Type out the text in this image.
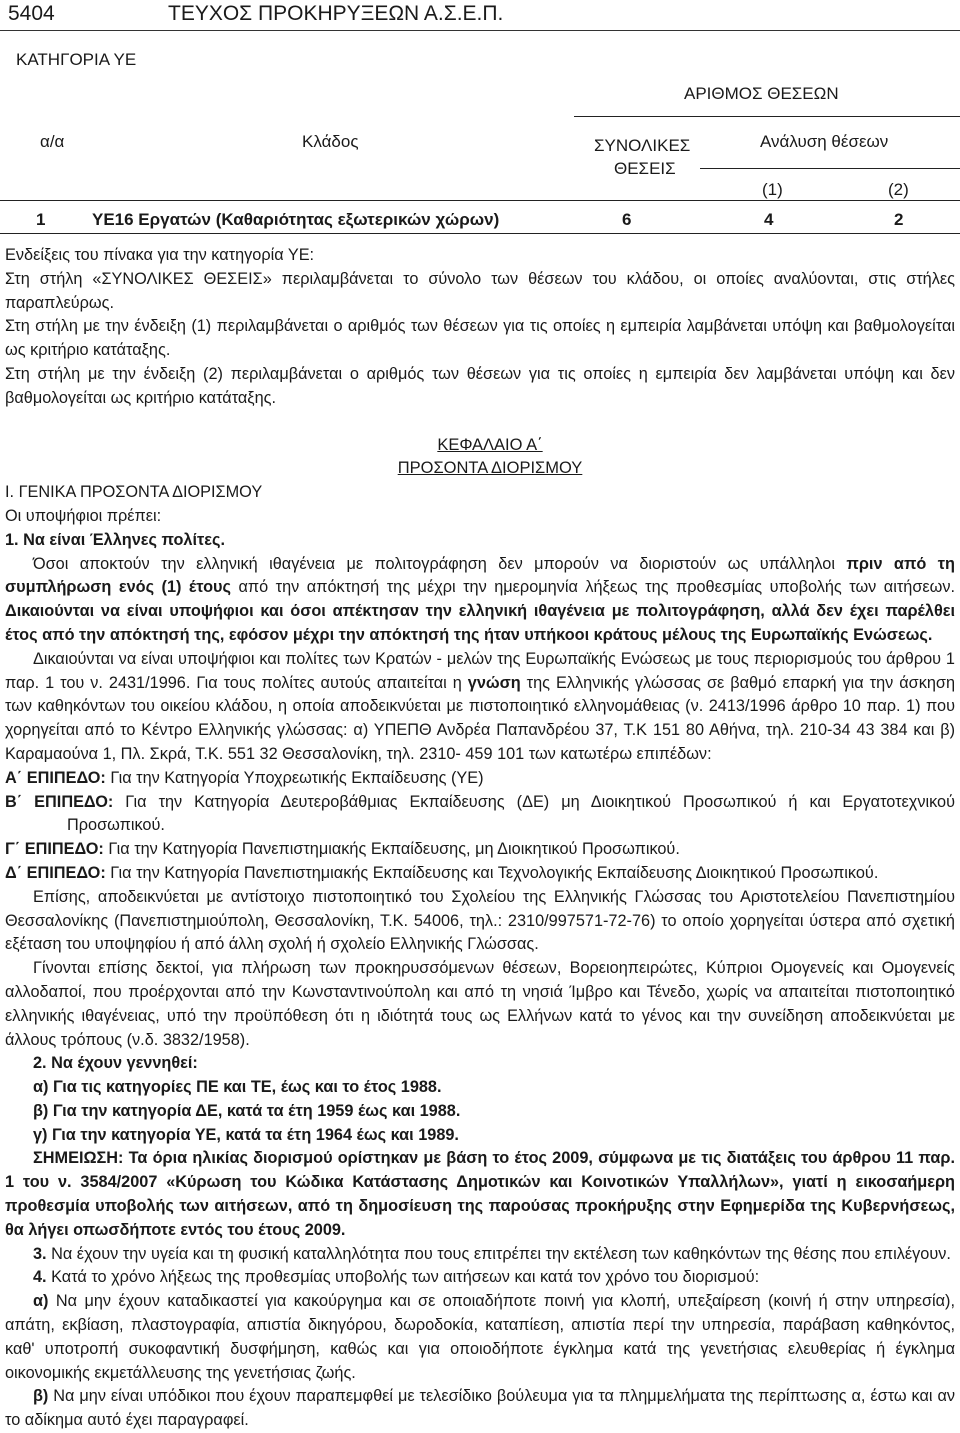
5404	ΤΕΥΧΟΣ ΠΡΟΚΗΡΥΞΕΩΝ Α.Σ.Ε.Π.
ΚΑΤΗΓΟΡΙΑ ΥΕ
ΑΡΙΘΜΟΣ ΘΕΣΕΩΝ
α/α	Κλάδος	ΣΥΝΟΛΙΚΕΣ
ΘΕΣΕΙΣ
Ανάλυση θέσεων
(1)	(2)
1	ΥΕ16 Εργατών (Καθαριότητας εξωτερικών χώρων)	6	4	2

Ενδείξεις του πίνακα για την κατηγορία ΥΕ:

Στη στήλη «ΣΥΝΟΛΙΚΕΣ ΘΕΣΕΙΣ» περιλαμβάνεται το σύνολο των θέσεων του κλάδου, οι οποίες αναλύονται, στις στήλες παραπλεύρως.

Στη στήλη με την ένδειξη (1) περιλαμβάνεται ο αριθμός των θέσεων για τις οποίες η εμπειρία λαμβάνεται υπόψη και βαθμολογείται ως κριτήριο κατάταξης.

Στη στήλη με την ένδειξη (2) περιλαμβάνεται ο αριθμός των θέσεων για τις οποίες η εμπειρία δεν λαμβάνεται υπόψη και δεν βαθμολογείται ως κριτήριο κατάταξης.

ΚΕΦΑΛΑΙΟ Α΄

ΠΡΟΣΟΝΤΑ ΔΙΟΡΙΣΜΟΥ

Ι. ΓΕΝΙΚΑ ΠΡΟΣΟΝΤΑ ΔΙΟΡΙΣΜΟΥ

Οι υποψήφιοι πρέπει:

1. Να είναι Έλληνες πολίτες.

Όσοι αποκτούν την ελληνική ιθαγένεια με πολιτογράφηση δεν μπορούν να διοριστούν ως υπάλληλοι πριν από τη συμπλήρωση ενός (1) έτους από την απόκτησή της μέχρι την ημερομηνία λήξεως της προθεσμίας υποβολής των αιτήσεων. Δικαιούνται να είναι υποψήφιοι και όσοι απέκτησαν την ελληνική ιθαγένεια με πολιτογράφηση, αλλά δεν έχει παρέλθει έτος από την απόκτησή της, εφόσον μέχρι την απόκτησή της ήταν υπήκοοι κράτους μέλους της Ευρωπαϊκής Ενώσεως.

Δικαιούνται να είναι υποψήφιοι και πολίτες των Κρατών - μελών της Ευρωπαϊκής Ενώσεως με τους περιορισμούς του άρθρου 1 παρ. 1 του ν. 2431/1996. Για τους πολίτες αυτούς απαιτείται η γνώση της Ελληνικής γλώσσας σε βαθμό επαρκή για την άσκηση των καθηκόντων του οικείου κλάδου, η οποία αποδεικνύεται με πιστοποιητικό ελληνομάθειας (ν. 2413/1996 άρθρο 10 παρ. 1) που χορηγείται από το Κέντρο Ελληνικής γλώσσας: α) ΥΠΕΠΘ Ανδρέα Παπανδρέου 37, Τ.Κ 151 80 Αθήνα, τηλ. 210-34 43 384 και β) Καραμαούνα 1, Πλ. Σκρά, Τ.Κ. 551 32 Θεσσαλονίκη, τηλ. 2310- 459 101 των κατωτέρω επιπέδων:

Α΄ ΕΠΙΠΕΔΟ: Για την Κατηγορία Υποχρεωτικής Εκπαίδευσης (ΥΕ)

Β΄ ΕΠΙΠΕΔΟ: Για την Κατηγορία Δευτεροβάθμιας Εκπαίδευσης (ΔΕ) μη Διοικητικού Προσωπικού ή και Εργατοτεχνικού Προσωπικού.

Γ΄ ΕΠΙΠΕΔΟ: Για την Κατηγορία Πανεπιστημιακής Εκπαίδευσης, μη Διοικητικού Προσωπικού.

Δ΄ ΕΠΙΠΕΔΟ: Για την Κατηγορία Πανεπιστημιακής Εκπαίδευσης και Τεχνολογικής Εκπαίδευσης Διοικητικού Προσωπικού.

Επίσης, αποδεικνύεται με αντίστοιχο πιστοποιητικό του Σχολείου της Ελληνικής Γλώσσας του Αριστοτελείου Πανεπιστημίου Θεσσαλονίκης (Πανεπιστημιούπολη, Θεσσαλονίκη, Τ.Κ. 54006, τηλ.: 2310/997571-72-76) το οποίο χορηγείται ύστερα από σχετική εξέταση του υποψηφίου ή από άλλη σχολή ή σχολείο Ελληνικής Γλώσσας.

Γίνονται επίσης δεκτοί, για πλήρωση των προκηρυσσόμενων θέσεων, Βορειοηπειρώτες, Κύπριοι Ομογενείς και Ομογενείς αλλοδαποί, που προέρχονται από την Κωνσταντινούπολη και από τη νησιά Ίμβρο και Τένεδο, χωρίς να απαιτείται πιστοποιητικό ελληνικής ιθαγένειας, υπό την προϋπόθεση ότι η ιδιότητά τους ως Ελλήνων κατά το γένος και την συνείδηση αποδεικνύεται με άλλους τρόπους (ν.δ. 3832/1958).

2. Να έχουν γεννηθεί:

α) Για τις κατηγορίες ΠΕ και ΤΕ, έως και το έτος 1988.

β) Για την κατηγορία ΔΕ, κατά τα έτη 1959 έως και 1988.

γ) Για την κατηγορία ΥΕ, κατά τα έτη 1964 έως και 1989.

ΣΗΜΕΙΩΣΗ: Τα όρια ηλικίας διορισμού ορίστηκαν με βάση το έτος 2009, σύμφωνα με τις διατάξεις του άρθρου 11 παρ. 1 του ν. 3584/2007 «Κύρωση του Κώδικα Κατάστασης Δημοτικών και Κοινοτικών Υπαλλήλων», γιατί η εικοσαήμερη προθεσμία υποβολής των αιτήσεων, από τη δημοσίευση της παρούσας προκήρυξης στην Εφημερίδα της Κυβερνήσεως, θα λήγει οπωσδήποτε εντός του έτους 2009.

3. Να έχουν την υγεία και τη φυσική καταλληλότητα που τους επιτρέπει την εκτέλεση των καθηκόντων της θέσης που επιλέγουν.

4. Κατά το χρόνο λήξεως της προθεσμίας υποβολής των αιτήσεων και κατά τον χρόνο του διορισμού:

α) Να μην έχουν καταδικαστεί για κακούργημα και σε οποιαδήποτε ποινή για κλοπή, υπεξαίρεση (κοινή ή στην υπηρεσία), απάτη, εκβίαση, πλαστογραφία, απιστία δικηγόρου, δωροδοκία, καταπίεση, απιστία περί την υπηρεσία, παράβαση καθηκόντος, καθ' υποτροπή συκοφαντική δυσφήμηση, καθώς και για οποιοδήποτε έγκλημα κατά της γενετήσιας ελευθερίας ή έγκλημα οικονομικής εκμετάλλευσης της γενετήσιας ζωής.

β) Να μην είναι υπόδικοι που έχουν παραπεμφθεί με τελεσίδικο βούλευμα για τα πλημμελήματα της περίπτωσης α, έστω και αν το αδίκημα αυτό έχει παραγραφεί.
